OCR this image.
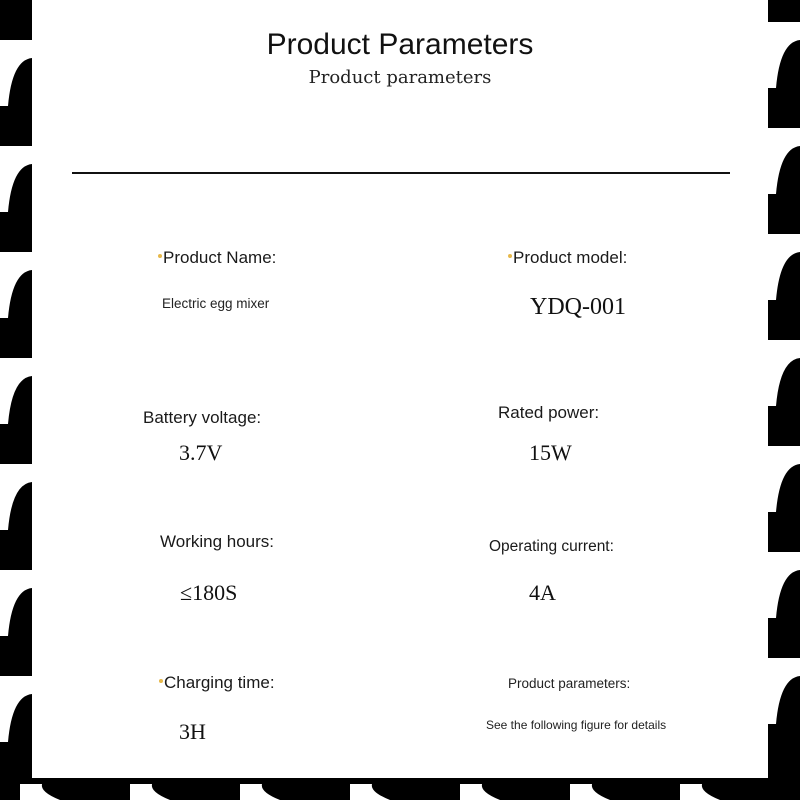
Product Parameters
Product parameters
Product Name:
Electric egg mixer
Product model:
YDQ-001
Battery voltage:
3.7V
Rated power:
15W
Working hours:
≤180S
Operating current:
4A
Charging time:
3H
Product parameters:
See the following figure for details
